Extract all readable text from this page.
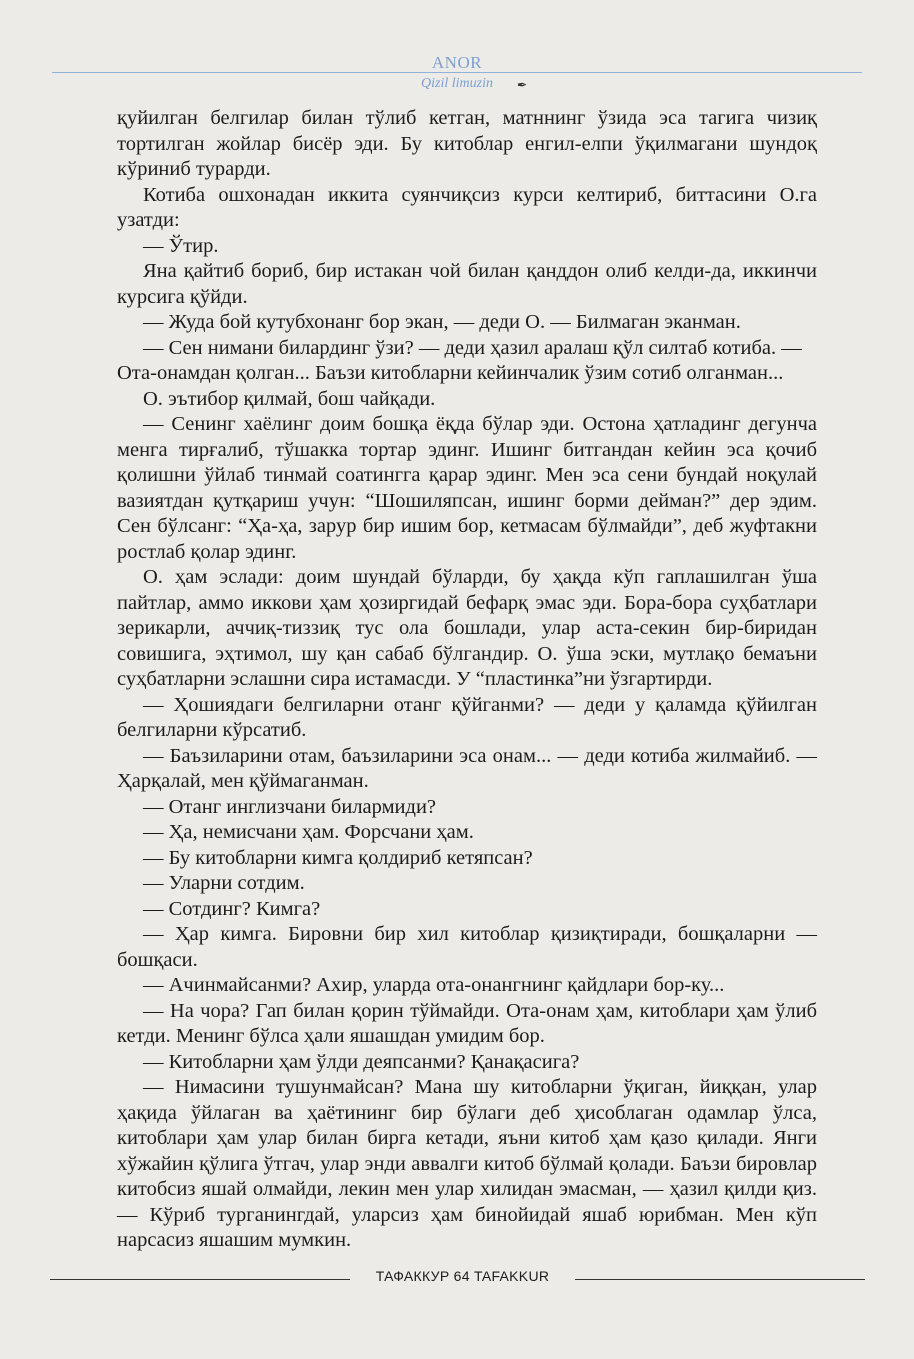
ANOR
Qizil limuzin	✒

қуйилган белгилар билан тўлиб кетган, матннинг ўзида эса тагига чизиқ тортилган жойлар бисёр эди. Бу китоблар енгил-елпи ўқилмагани шундоқ кўриниб турарди.

Котиба ошхонадан иккита суянчиқсиз курси келтириб, биттасини О.га узатди:

— Ўтир.

Яна қайтиб бориб, бир истакан чой билан қанддон олиб келди-да, иккинчи курсига қўйди.

— Жуда бой кутубхонанг бор экан, — деди О. — Билмаган эканман.

— Сен нимани билардинг ўзи? — деди ҳазил аралаш қўл силтаб котиба. —

Ота-онамдан қолган... Баъзи китобларни кейинчалик ўзим сотиб олганман...

О. эътибор қилмай, бош чайқади.

— Сенинг хаёлинг доим бошқа ёқда бўлар эди. Остона ҳатладинг дегунча менга тирғалиб, тўшакка тортар эдинг. Ишинг битгандан кейин эса қочиб қолишни ўйлаб тинмай соатингга қарар эдинг. Мен эса сени бундай ноқулай вазиятдан қутқариш учун: “Шошиляпсан, ишинг борми дейман?” дер эдим. Сен бўлсанг: “Ҳа-ҳа, зарур бир ишим бор, кетмасам бўлмайди”, деб жуфтакни ростлаб қолар эдинг.

О. ҳам эслади: доим шундай бўларди, бу ҳақда кўп гаплашилган ўша пайтлар, аммо иккови ҳам ҳозиргидай бефарқ эмас эди. Бора-бора суҳбатлари зерикарли, аччиқ-тиззиқ тус ола бошлади, улар аста-секин бир-биридан совишига, эҳтимол, шу қан сабаб бўлгандир. О. ўша эски, мутлақо бемаъни суҳбатларни эслашни сира истамасди. У “пластинка”ни ўзгартирди.

— Ҳошиядаги белгиларни отанг қўйганми? — деди у қаламда қўйилган белгиларни кўрсатиб.

— Баъзиларини отам, баъзиларини эса онам... — деди котиба жилмайиб. — Ҳарқалай, мен қўймаганман.

— Отанг инглизчани билармиди?

— Ҳа, немисчани ҳам. Форсчани ҳам.

— Бу китобларни кимга қолдириб кетяпсан?

— Уларни сотдим.

— Сотдинг? Кимга?

— Ҳар кимга. Бировни бир хил китоблар қизиқтиради, бошқаларни — бошқаси.

— Ачинмайсанми? Ахир, уларда ота-онангнинг қайдлари бор-ку...

— На чора? Гап билан қорин тўймайди. Ота-онам ҳам, китоблари ҳам ўлиб кетди. Менинг бўлса ҳали яшашдан умидим бор.

— Китобларни ҳам ўлди деяпсанми? Қанақасига?

— Нимасини тушунмайсан? Мана шу китобларни ўқиган, йиққан, улар ҳақида ўйлаган ва ҳаётининг бир бўлаги деб ҳисоблаган одамлар ўлса, китоблари ҳам улар билан бирга кетади, яъни китоб ҳам қазо қилади. Янги хўжайин қўлига ўтгач, улар энди аввалги китоб бўлмай қолади. Баъзи бировлар китобсиз яшай олмайди, лекин мен улар хилидан эмасман, — ҳазил қилди қиз. — Кўриб турганингдай, уларсиз ҳам бинойидай яшаб юрибман. Мен кўп нарсасиз яшашим мумкин.

ТАФАККУР 64 TAFAKKUR
